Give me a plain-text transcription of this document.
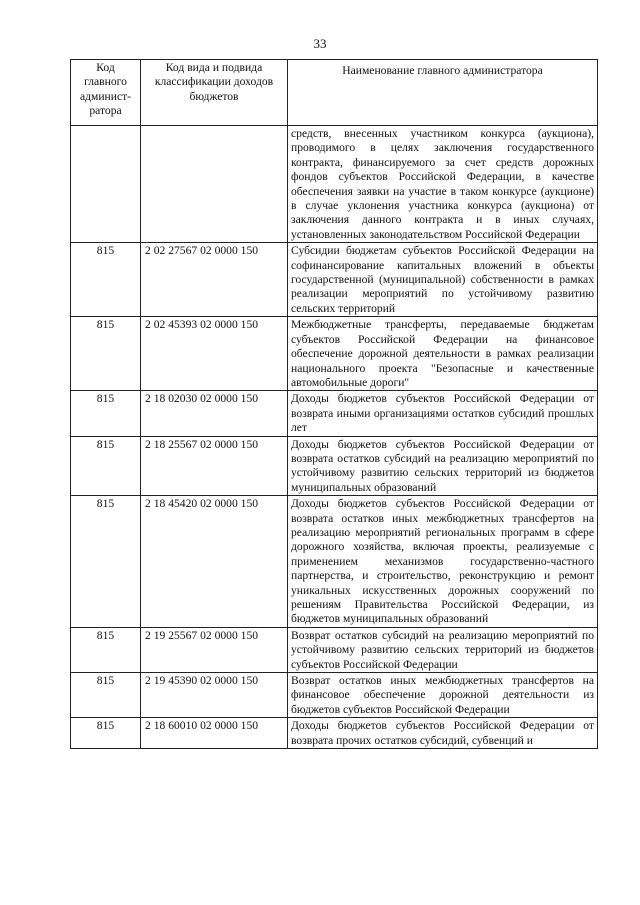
33
Код главного админист-ратора	Код вида и подвида классификации доходов бюджетов	Наименование главного администратора
		средств, внесенных участником конкурса (аукциона), проводимого в целях заключения государственного контракта, финансируемого за счет средств дорожных фондов субъектов Российской Федерации, в качестве обеспечения заявки на участие в таком конкурсе (аукционе) в случае уклонения участника конкурса (аукциона) от заключения данного контракта и в иных случаях, установленных законодательством Российской Федерации
815	2 02 27567 02 0000 150	Субсидии бюджетам субъектов Российской Федерации на софинансирование капитальных вложений в объекты государственной (муниципальной) собственности в рамках реализации мероприятий по устойчивому развитию сельских территорий
815	2 02 45393 02 0000 150	Межбюджетные трансферты, передаваемые бюджетам субъектов Российской Федерации на финансовое обеспечение дорожной деятельности в рамках реализации национального проекта "Безопасные и качественные автомобильные дороги"
815	2 18 02030 02 0000 150	Доходы бюджетов субъектов Российской Федерации от возврата иными организациями остатков субсидий прошлых лет
815	2 18 25567 02 0000 150	Доходы бюджетов субъектов Российской Федерации от возврата остатков субсидий на реализацию мероприятий по устойчивому развитию сельских территорий из бюджетов муниципальных образований
815	2 18 45420 02 0000 150	Доходы бюджетов субъектов Российской Федерации от возврата остатков иных межбюджетных трансфертов на реализацию мероприятий региональных программ в сфере дорожного хозяйства, включая проекты, реализуемые с применением механизмов государственно-частного партнерства, и строительство, реконструкцию и ремонт уникальных искусственных дорожных сооружений по решениям Правительства Российской Федерации, из бюджетов муниципальных образований
815	2 19 25567 02 0000 150	Возврат остатков субсидий на реализацию мероприятий по устойчивому развитию сельских территорий из бюджетов субъектов Российской Федерации
815	2 19 45390 02 0000 150	Возврат остатков иных межбюджетных трансфертов на финансовое обеспечение дорожной деятельности из бюджетов субъектов Российской Федерации
815	2 18 60010 02 0000 150	Доходы бюджетов субъектов Российской Федерации от возврата прочих остатков субсидий, субвенций и
